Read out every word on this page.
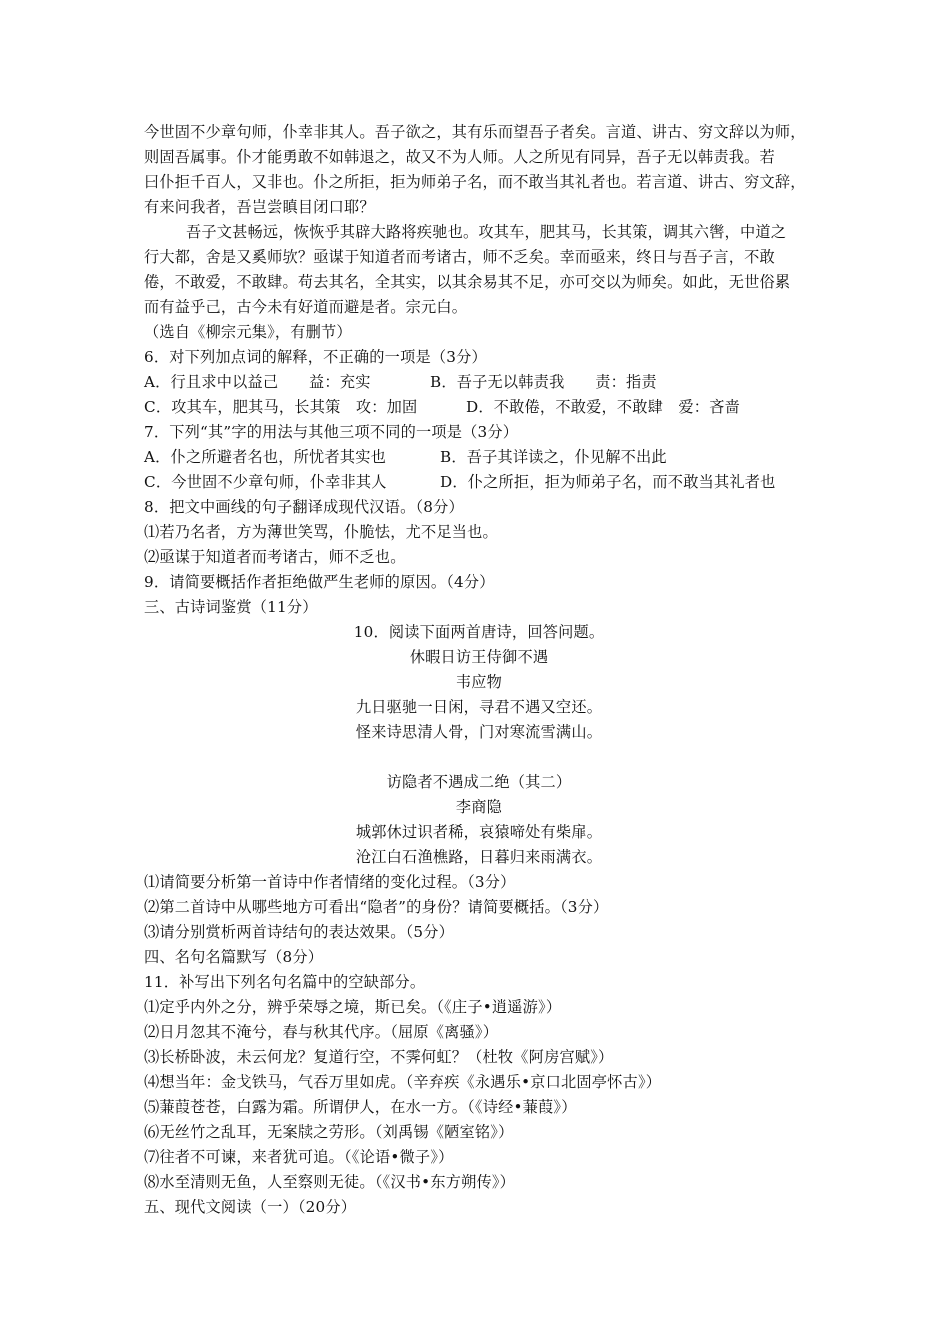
今世固不少章句师，仆幸非其人。吾子欲之，其有乐而望吾子者矣。言道、讲古、穷文辞以为师，
则固吾属事。仆才能勇敢不如韩退之，故又不为人师。人之所见有同异，吾子无以韩责我。若
曰仆拒千百人，又非也。仆之所拒，拒为师弟子名，而不敢当其礼者也。若言道、讲古、穷文辞，
有来问我者，吾岂尝瞋目闭口耶？
吾子文甚畅远，恢恢乎其辟大路将疾驰也。攻其车，肥其马，长其策，调其六辔，中道之
行大都，舍是又奚师欤？亟谋于知道者而考诸古，师不乏矣。幸而亟来，终日与吾子言，不敢
倦，不敢爱，不敢肆。苟去其名，全其实，以其余易其不足，亦可交以为师矣。如此，无世俗累
而有益乎己，古今未有好道而避是者。宗元白。
（选自《柳宗元集》，有删节）
6．对下列加点词的解释，不正确的一项是（3分）
A．行且求中以益己　　益：充实	B．吾子无以韩责我　　责：指责
C．攻其车，肥其马，长其策　攻：加固	D．不敢倦，不敢爱，不敢肆　爱：吝啬
7．下列“其”字的用法与其他三项不同的一项是（3分）
A．仆之所避者名也，所忧者其实也	B．吾子其详读之，仆见解不出此
C．今世固不少章句师，仆幸非其人	D．仆之所拒，拒为师弟子名，而不敢当其礼者也
8．把文中画线的句子翻译成现代汉语。（8分）
⑴若乃名者，方为薄世笑骂，仆脆怯，尤不足当也。
⑵亟谋于知道者而考诸古，师不乏也。
9．请简要概括作者拒绝做严生老师的原因。（4分）
三、古诗词鉴赏（11分）
10．阅读下面两首唐诗，回答问题。
休暇日访王侍御不遇
韦应物
九日驱驰一日闲，寻君不遇又空还。
怪来诗思清人骨，门对寒流雪满山。
访隐者不遇成二绝（其二）
李商隐
城郭休过识者稀，哀猿啼处有柴扉。
沧江白石渔樵路，日暮归来雨满衣。
⑴请简要分析第一首诗中作者情绪的变化过程。（3分）
⑵第二首诗中从哪些地方可看出“隐者”的身份？请简要概括。（3分）
⑶请分别赏析两首诗结句的表达效果。（5分）
四、名句名篇默写（8分）
11．补写出下列名句名篇中的空缺部分。
⑴定乎内外之分，辨乎荣辱之境，斯已矣。（《庄子•逍遥游》）
⑵日月忽其不淹兮，春与秋其代序。（屈原《离骚》）
⑶长桥卧波，未云何龙？复道行空，不霁何虹？（杜牧《阿房宫赋》）
⑷想当年：金戈铁马，气吞万里如虎。（辛弃疾《永遇乐•京口北固亭怀古》）
⑸蒹葭苍苍，白露为霜。所谓伊人，在水一方。（《诗经•蒹葭》）
⑹无丝竹之乱耳，无案牍之劳形。（刘禹锡《陋室铭》）
⑺往者不可谏，来者犹可追。（《论语•微子》）
⑻水至清则无鱼，人至察则无徒。（《汉书•东方朔传》）
五、现代文阅读（一）（20分）
